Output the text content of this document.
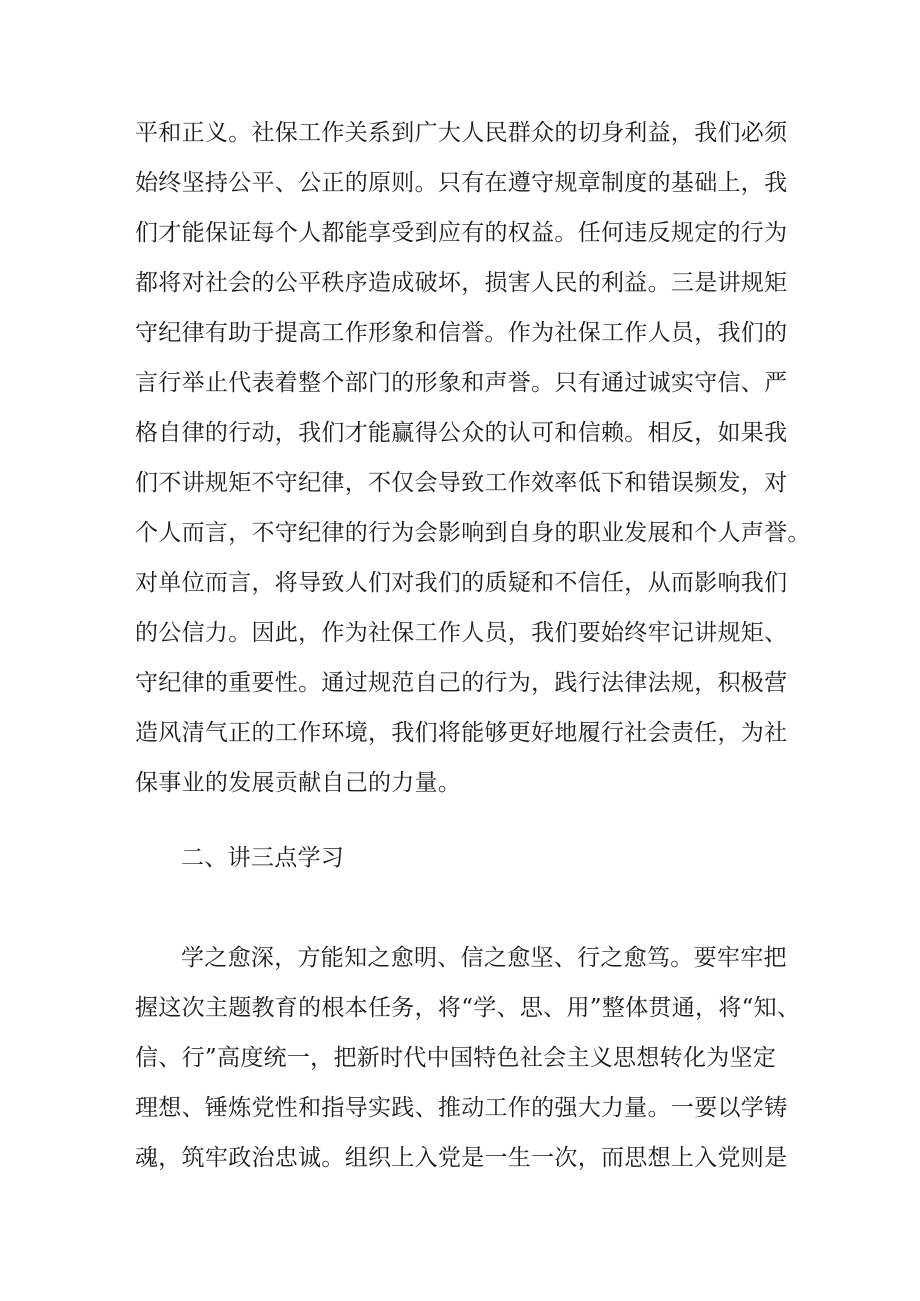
平和正义。社保工作关系到广大人民群众的切身利益，我们必须
始终坚持公平、公正的原则。只有在遵守规章制度的基础上，我
们才能保证每个人都能享受到应有的权益。任何违反规定的行为
都将对社会的公平秩序造成破坏，损害人民的利益。三是讲规矩
守纪律有助于提高工作形象和信誉。作为社保工作人员，我们的
言行举止代表着整个部门的形象和声誉。只有通过诚实守信、严
格自律的行动，我们才能赢得公众的认可和信赖。相反，如果我
们不讲规矩不守纪律，不仅会导致工作效率低下和错误频发，对
个人而言，不守纪律的行为会影响到自身的职业发展和个人声誉。
对单位而言，将导致人们对我们的质疑和不信任，从而影响我们
的公信力。因此，作为社保工作人员，我们要始终牢记讲规矩、
守纪律的重要性。通过规范自己的行为，践行法律法规，积极营
造风清气正的工作环境，我们将能够更好地履行社会责任，为社
保事业的发展贡献自己的力量。
二、讲三点学习
学之愈深，方能知之愈明、信之愈坚、行之愈笃。要牢牢把
握这次主题教育的根本任务，将“学、思、用”整体贯通，将“知、
信、行”高度统一，把新时代中国特色社会主义思想转化为坚定
理想、锤炼党性和指导实践、推动工作的强大力量。一要以学铸
魂，筑牢政治忠诚。组织上入党是一生一次，而思想上入党则是
